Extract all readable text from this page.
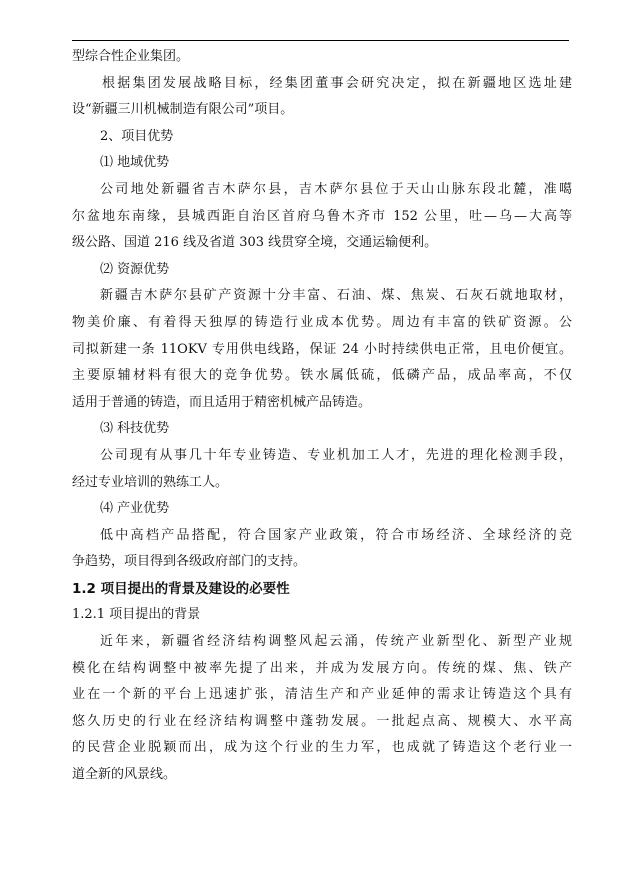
型综合性企业集团。

根据集团发展战略目标，经集团董事会研究决定，拟在新疆地区选址建

设“新疆三川机械制造有限公司”项目。

2、项目优势

⑴ 地域优势

公司地处新疆省吉木萨尔县，吉木萨尔县位于天山山脉东段北麓，准噶

尔盆地东南缘，县城西距自治区首府乌鲁木齐市 152 公里，吐—乌—大高等

级公路、国道 216 线及省道 303 线贯穿全境，交通运输便利。

⑵ 资源优势

新疆吉木萨尔县矿产资源十分丰富、石油、煤、焦炭、石灰石就地取材，

物美价廉、有着得天独厚的铸造行业成本优势。周边有丰富的铁矿资源。公

司拟新建一条 11OKV 专用供电线路，保证 24 小时持续供电正常，且电价便宜。

主要原辅材料有很大的竞争优势。铁水属低硫，低磷产品，成品率高，不仅

适用于普通的铸造，而且适用于精密机械产品铸造。

⑶ 科技优势

公司现有从事几十年专业铸造、专业机加工人才，先进的理化检测手段，

经过专业培训的熟练工人。

⑷ 产业优势

低中高档产品搭配，符合国家产业政策，符合市场经济、全球经济的竞

争趋势，项目得到各级政府部门的支持。

1.2 项目提出的背景及建设的必要性

1.2.1 项目提出的背景

近年来，新疆省经济结构调整风起云涌，传统产业新型化、新型产业规

模化在结构调整中被率先提了出来，并成为发展方向。传统的煤、焦、铁产

业在一个新的平台上迅速扩张，清洁生产和产业延伸的需求让铸造这个具有

悠久历史的行业在经济结构调整中蓬勃发展。一批起点高、规模大、水平高

的民营企业脱颖而出，成为这个行业的生力军，也成就了铸造这个老行业一

道全新的风景线。
